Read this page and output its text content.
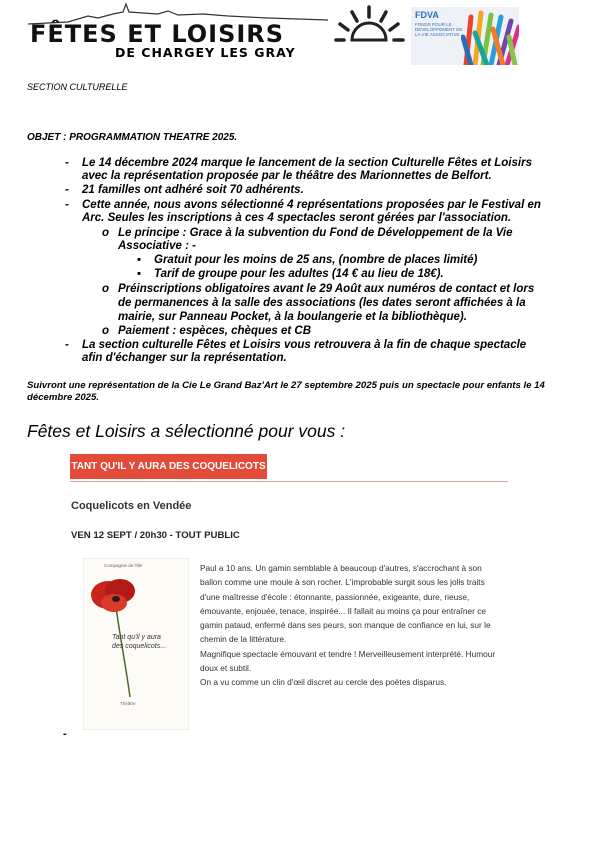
FÊTES ET LOISIRS
DE CHARGEY LES GRAY
FDVA
FONDS POUR LE DÉVELOPPEMENT DE LA VIE ASSOCIATIVE
SECTION CULTURELLE
OBJET : PROGRAMMATION THEATRE 2025.
- Le 14 décembre 2024 marque le lancement de la section Culturelle Fêtes et Loisirs
avec la représentation proposée par le théâtre des Marionnettes de Belfort.
- 21 familles ont adhéré soit 70 adhérents.
- Cette année, nous avons sélectionné 4 représentations proposées par le Festival en
Arc. Seules les inscriptions à ces 4 spectacles seront gérées par l'association.
o Le principe : Grace à la subvention du Fond de Développement de la Vie
Associative : -
▪ Gratuit pour les moins de 25 ans, (nombre de places limité)
▪ Tarif de groupe pour les adultes (14 € au lieu de 18€).
o Préinscriptions obligatoires avant le 29 Août aux numéros de contact et lors
de permanences à la salle des associations (les dates seront affichées à la
mairie, sur Panneau Pocket, à la boulangerie et la bibliothèque).
o Paiement : espèces, chèques et CB
- La section culturelle Fêtes et Loisirs vous retrouvera à la fin de chaque spectacle
afin d'échanger sur la représentation.
Suivront une représentation de la Cie Le Grand Baz'Art le 27 septembre 2025 puis un spectacle pour enfants le 14 décembre 2025.
Fêtes et Loisirs a sélectionné pour vous :
TANT QU'IL Y AURA DES COQUELICOTS
Coquelicots en Vendée
VEN 12 SEPT / 20h30 - TOUT PUBLIC
Compagnie de l'Ille
Tant qu'il y aura
des coquelicots...
Théâtre

Paul a 10 ans. Un gamin semblable à beaucoup d'autres, s'accrochant à son ballon comme une moule à son rocher. L'improbable surgit sous les jolis traits d'une maîtresse d'école : étonnante, passionnée, exigeante, dure, rieuse, émouvante, enjouée, tenace, inspirée... Il fallait au moins ça pour entraîner ce gamin pataud, enfermé dans ses peurs, son manque de confiance en lui, sur le chemin de la littérature.

Magnifique spectacle émouvant et tendre ! Merveilleusement interprété. Humour doux et subtil.

On a vu comme un clin d'œil discret au cercle des poètes disparus.

-
